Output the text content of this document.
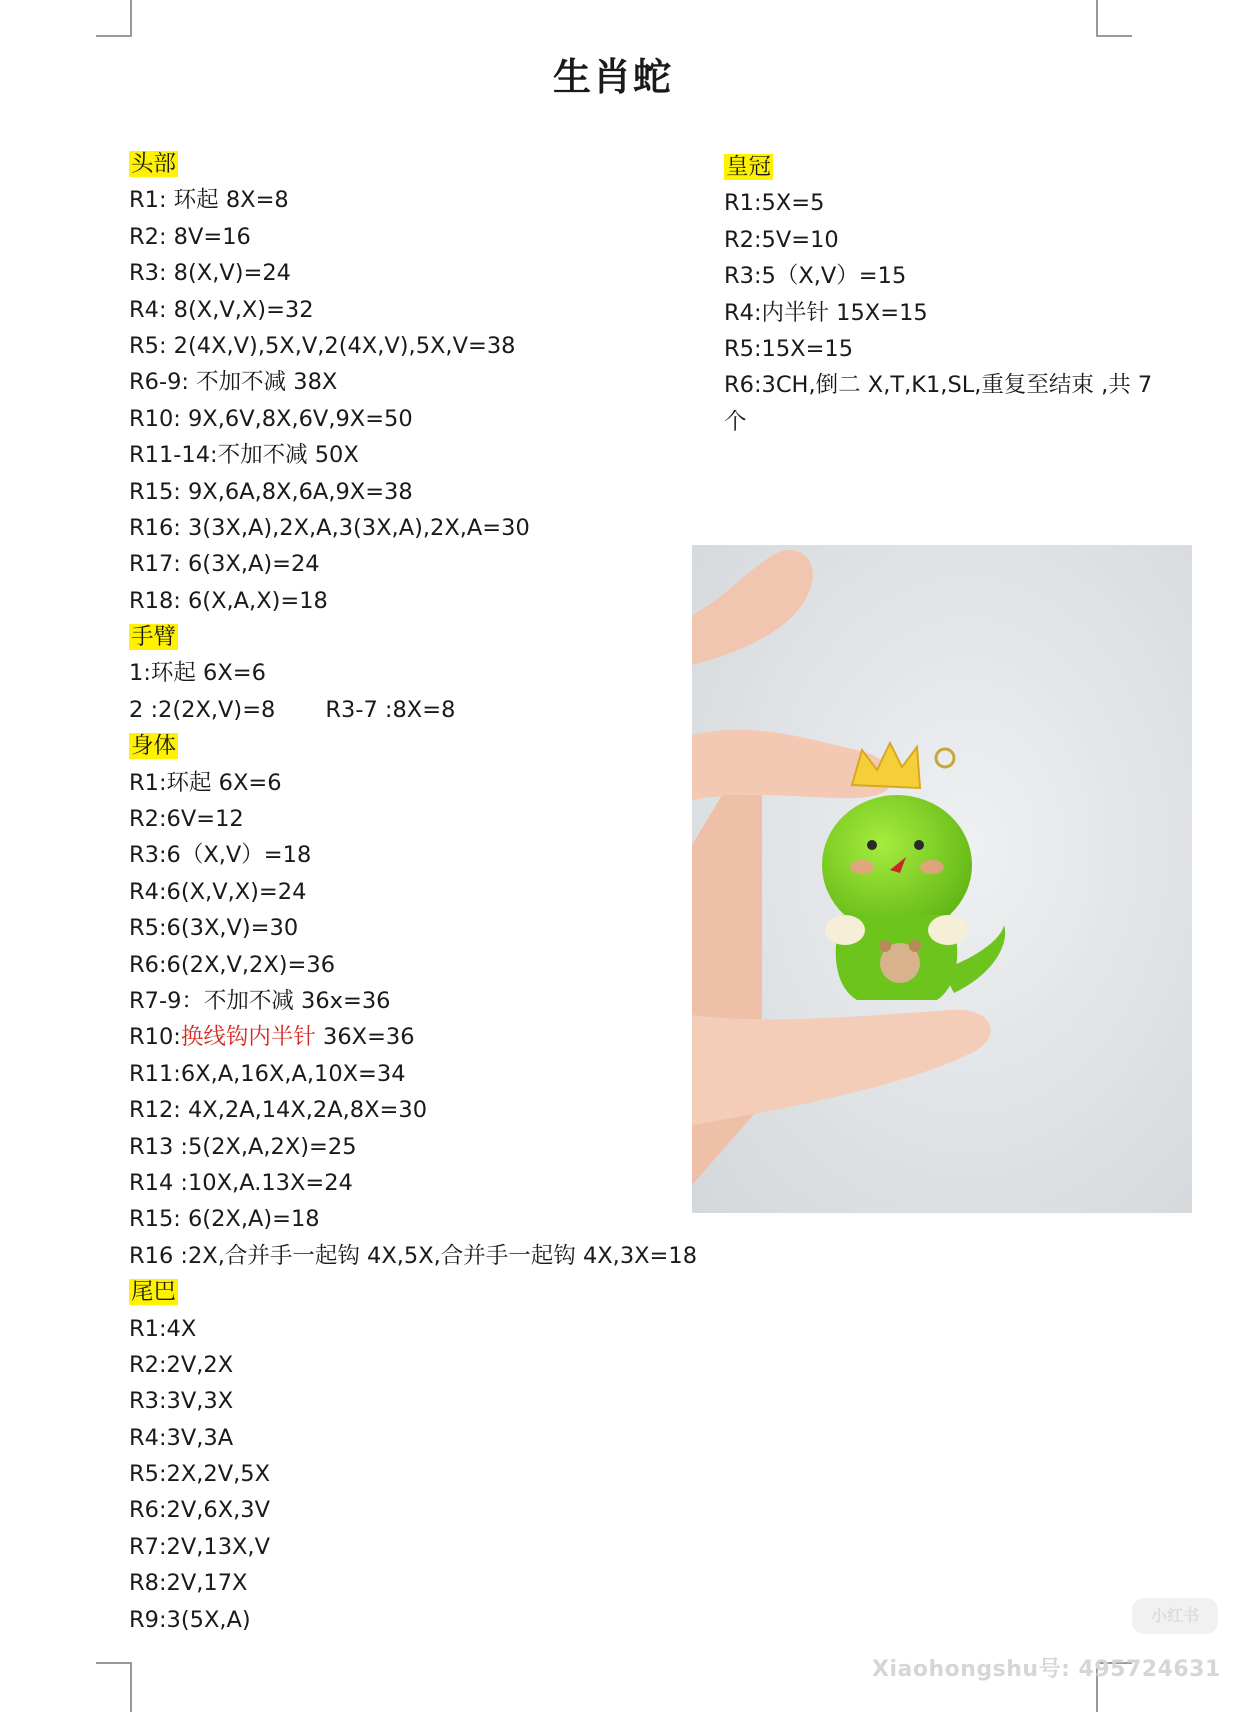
生肖蛇
头部
R1: 环起 8X=8
R2: 8V=16
R3: 8(X,V)=24
R4: 8(X,V,X)=32
R5: 2(4X,V),5X,V,2(4X,V),5X,V=38
R6-9: 不加不减 38X
R10: 9X,6V,8X,6V,9X=50
R11-14:不加不减 50X
R15: 9X,6A,8X,6A,9X=38
R16: 3(3X,A),2X,A,3(3X,A),2X,A=30
R17: 6(3X,A)=24
R18: 6(X,A,X)=18
手臂
1:环起 6X=6
2 :2(2X,V)=8 R3-7 :8X=8
身体
R1:环起 6X=6
R2:6V=12
R3:6（X,V）=18
R4:6(X,V,X)=24
R5:6(3X,V)=30
R6:6(2X,V,2X)=36
R7-9：不加不减 36x=36
R10:换线钩内半针 36X=36
R11:6X,A,16X,A,10X=34
R12: 4X,2A,14X,2A,8X=30
R13 :5(2X,A,2X)=25
R14 :10X,A.13X=24
R15: 6(2X,A)=18
R16 :2X,合并手一起钩 4X,5X,合并手一起钩 4X,3X=18
尾巴
R1:4X
R2:2V,2X
R3:3V,3X
R4:3V,3A
R5:2X,2V,5X
R6:2V,6X,3V
R7:2V,13X,V
R8:2V,17X
R9:3(5X,A)
皇冠
R1:5X=5
R2:5V=10
R3:5（X,V）=15
R4:内半针 15X=15
R5:15X=15
R6:3CH,倒二 X,T,K1,SL,重复至结束 ,共 7 个
小红书
Xiaohongshu号: 495724631
